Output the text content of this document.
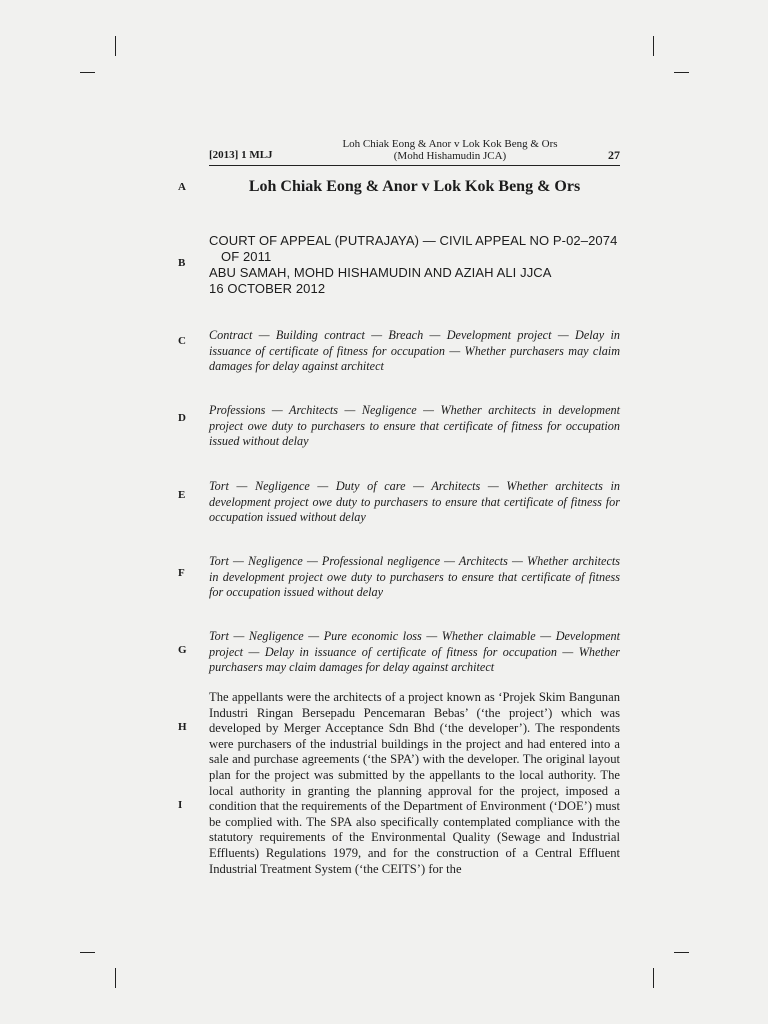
[2013] 1 MLJ
Loh Chiak Eong & Anor v Lok Kok Beng & Ors
(Mohd Hishamudin JCA)	27
A
B
C
D
E
F
G
H
I
Loh Chiak Eong & Anor v Lok Kok Beng & Ors
COURT OF APPEAL (PUTRAJAYA) — CIVIL APPEAL NO P-02–2074
OF 2011
ABU SAMAH, MOHD HISHAMUDIN AND AZIAH ALI JJCA
16 OCTOBER 2012
Contract — Building contract — Breach — Development project — Delay in issuance of certificate of fitness for occupation — Whether purchasers may claim damages for delay against architect
Professions — Architects — Negligence — Whether architects in development project owe duty to purchasers to ensure that certificate of fitness for occupation issued without delay
Tort — Negligence — Duty of care — Architects — Whether architects in development project owe duty to purchasers to ensure that certificate of fitness for occupation issued without delay
Tort — Negligence — Professional negligence — Architects — Whether architects in development project owe duty to purchasers to ensure that certificate of fitness for occupation issued without delay
Tort — Negligence — Pure economic loss — Whether claimable — Development project — Delay in issuance of certificate of fitness for occupation — Whether purchasers may claim damages for delay against architect
The appellants were the architects of a project known as ‘Projek Skim Bangunan Industri Ringan Bersepadu Pencemaran Bebas’ (‘the project’) which was developed by Merger Acceptance Sdn Bhd (‘the developer’). The respondents were purchasers of the industrial buildings in the project and had entered into a sale and purchase agreements (‘the SPA’) with the developer. The original layout plan for the project was submitted by the appellants to the local authority. The local authority in granting the planning approval for the project, imposed a condition that the requirements of the Department of Environment (‘DOE’) must be complied with. The SPA also specifically contemplated compliance with the statutory requirements of the Environmental Quality (Sewage and Industrial Effluents) Regulations 1979, and for the construction of a Central Effluent Industrial Treatment System (‘the CEITS’) for the
